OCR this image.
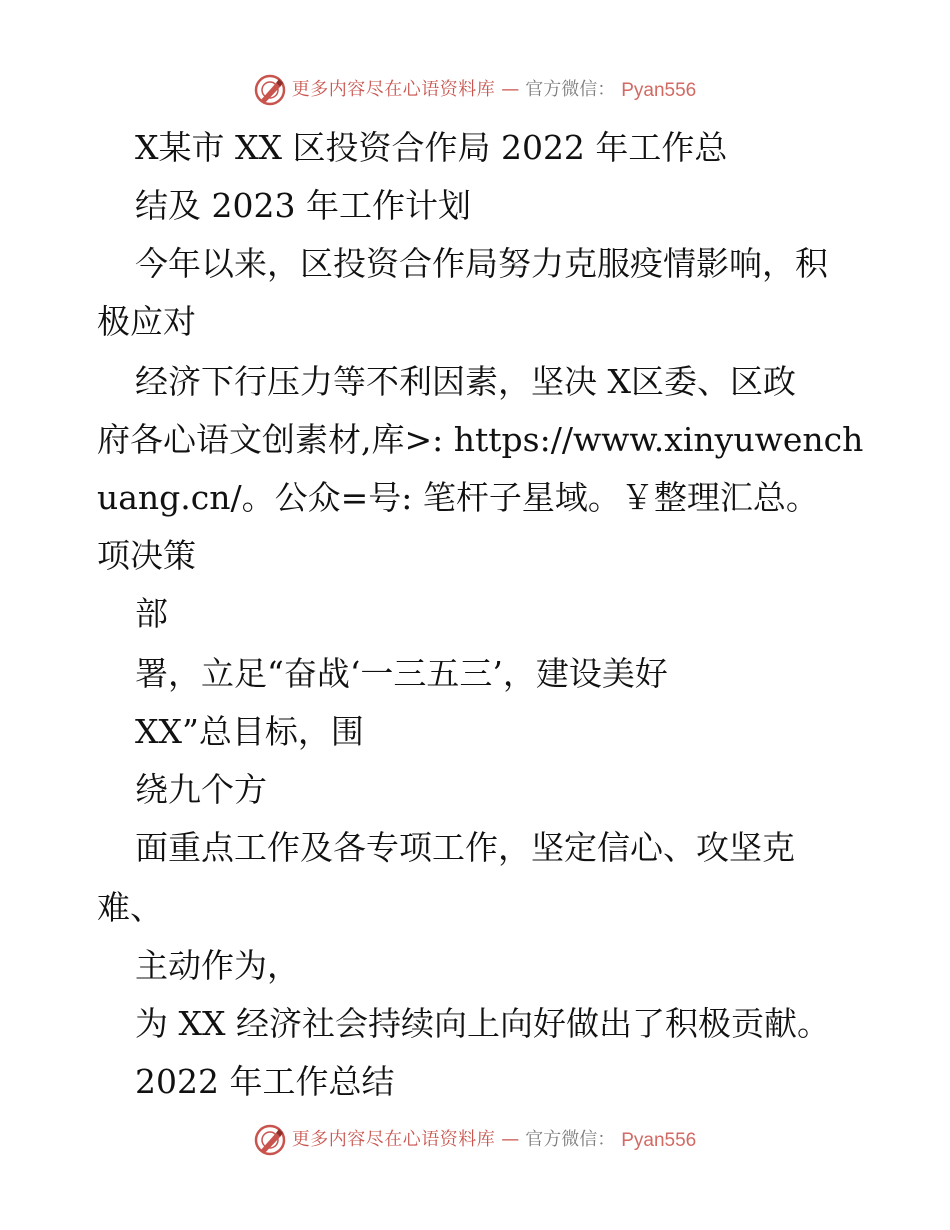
更多内容尽在心语资料库 — 官方微信： Pyan556
X某市 XX 区投资合作局 2022 年工作总
结及 2023 年工作计划
今年以来，区投资合作局努力克服疫情影响，积
极应对
经济下行压力等不利因素，坚决 X区委、区政
府各心语文创素材,库>: https://www.xinyuwench
uang.cn/。公众=号: 笔杆子星域。￥整理汇总。
项决策
部
署，立足“奋战‘一三五三’，建设美好
XX”总目标，围
绕九个方
面重点工作及各专项工作，坚定信心、攻坚克
难、
主动作为，
为 XX 经济社会持续向上向好做出了积极贡献。
2022 年工作总结
更多内容尽在心语资料库 — 官方微信： Pyan556
